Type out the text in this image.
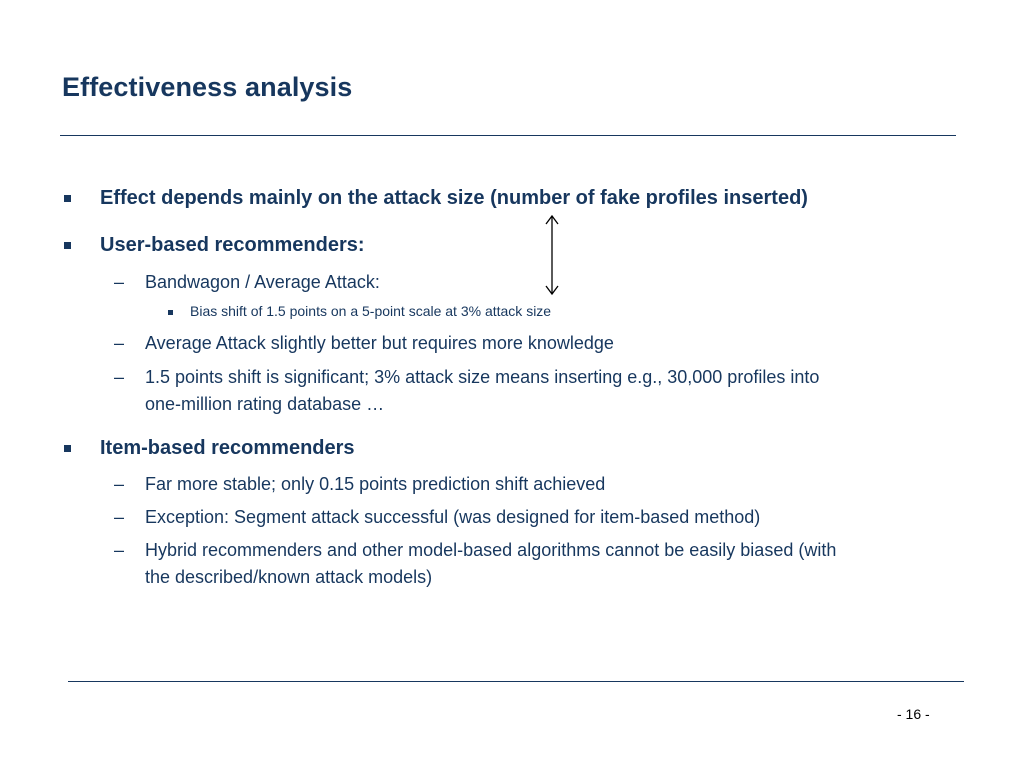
Effectiveness analysis
Effect depends mainly on the attack size (number of fake profiles inserted)
User-based recommenders:
– Bandwagon / Average Attack:
Bias shift of 1.5 points on a 5-point scale at 3% attack size
– Average Attack slightly better but requires more knowledge
– 1.5 points shift is significant; 3% attack size means inserting e.g., 30,000 profiles into
one-million rating database …
Item-based recommenders
– Far more stable; only 0.15 points prediction shift achieved
– Exception: Segment attack successful (was designed for item-based method)
– Hybrid recommenders and other model-based algorithms cannot be easily biased (with
the described/known attack models)
- 16 -
